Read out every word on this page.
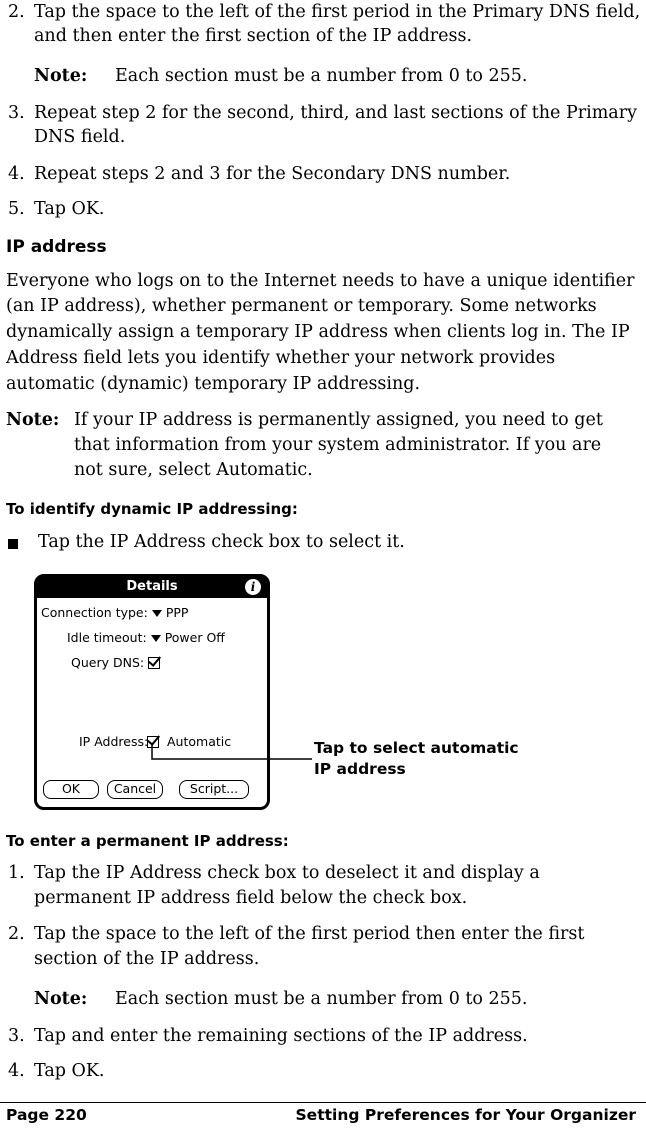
2. Tap the space to the left of the first period in the Primary DNS field,
and then enter the first section of the IP address.
Note: Each section must be a number from 0 to 255.
3. Repeat step 2 for the second, third, and last sections of the Primary
DNS field.
4. Repeat steps 2 and 3 for the Secondary DNS number.
5. Tap OK.
IP address
Everyone who logs on to the Internet needs to have a unique identifier
(an IP address), whether permanent or temporary. Some networks
dynamically assign a temporary IP address when clients log in. The IP
Address field lets you identify whether your network provides
automatic (dynamic) temporary IP addressing.
Note: If your IP address is permanently assigned, you need to get
that information from your system administrator. If you are
not sure, select Automatic.
To identify dynamic IP addressing:
Tap the IP Address check box to select it.
Details	i
Connection type: PPP
Idle timeout: Power Off
Query DNS:
IP Address: Automatic
OK	Cancel	Script...
Tap to select automatic
IP address
To enter a permanent IP address:
1. Tap the IP Address check box to deselect it and display a
permanent IP address field below the check box.
2. Tap the space to the left of the first period then enter the first
section of the IP address.
Note: Each section must be a number from 0 to 255.
3. Tap and enter the remaining sections of the IP address.
4. Tap OK.
Page 220	Setting Preferences for Your Organizer
